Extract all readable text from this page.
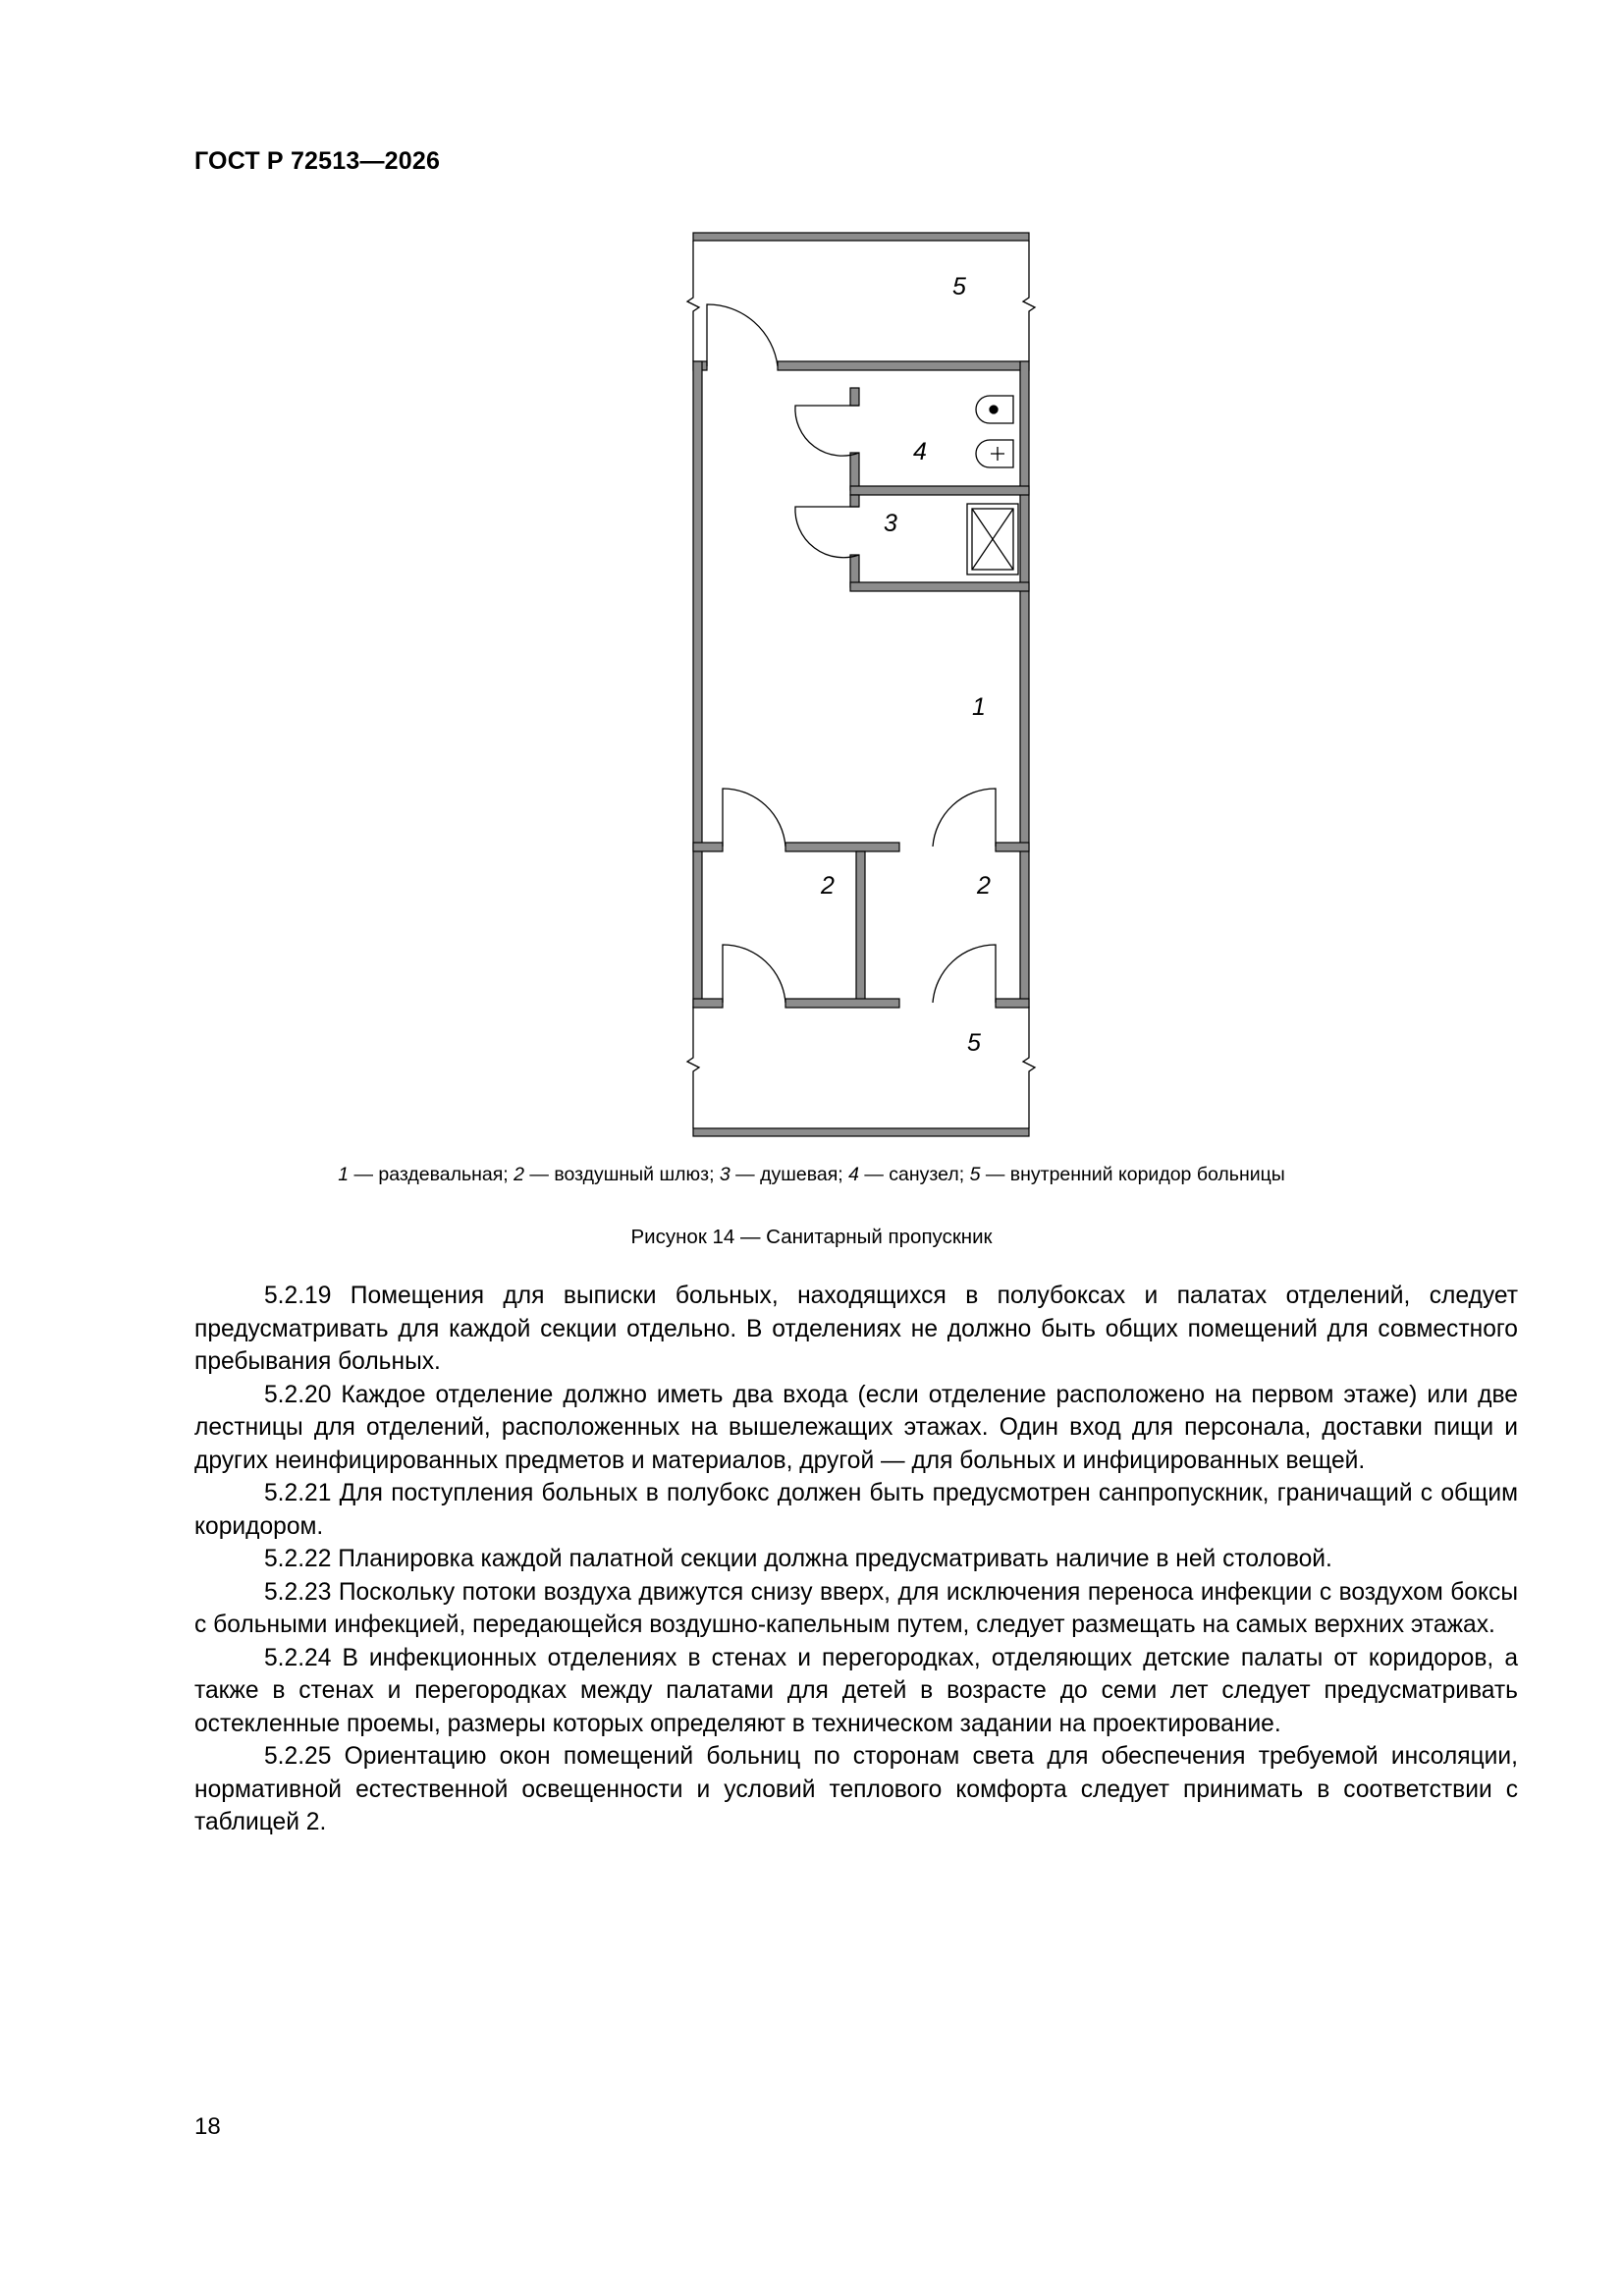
ГОСТ Р 72513—2026
5
4
3
1
2	2
5
1 — раздевальная; 2 — воздушный шлюз; 3 — душевая; 4 — санузел; 5 — внутренний коридор больницы
Рисунок 14 — Санитарный пропускник

5.2.19 Помещения для выписки больных, находящихся в полубоксах и палатах отделений, следует предусматривать для каждой секции отдельно. В отделениях не должно быть общих помещений для совместного пребывания больных.

5.2.20 Каждое отделение должно иметь два входа (если отделение расположено на первом этаже) или две лестницы для отделений, расположенных на вышележащих этажах. Один вход для персонала, доставки пищи и других неинфицированных предметов и материалов, другой — для больных и инфицированных вещей.

5.2.21 Для поступления больных в полубокс должен быть предусмотрен санпропускник, граничащий с общим коридором.

5.2.22 Планировка каждой палатной секции должна предусматривать наличие в ней столовой.

5.2.23 Поскольку потоки воздуха движутся снизу вверх, для исключения переноса инфекции с воздухом боксы с больными инфекцией, передающейся воздушно-капельным путем, следует размещать на самых верхних этажах.

5.2.24 В инфекционных отделениях в стенах и перегородках, отделяющих детские палаты от коридоров, а также в стенах и перегородках между палатами для детей в возрасте до семи лет следует предусматривать остекленные проемы, размеры которых определяют в техническом задании на проектирование.

5.2.25 Ориентацию окон помещений больниц по сторонам света для обеспечения требуемой инсоляции, нормативной естественной освещенности и условий теплового комфорта следует принимать в соответствии с таблицей 2.

18
